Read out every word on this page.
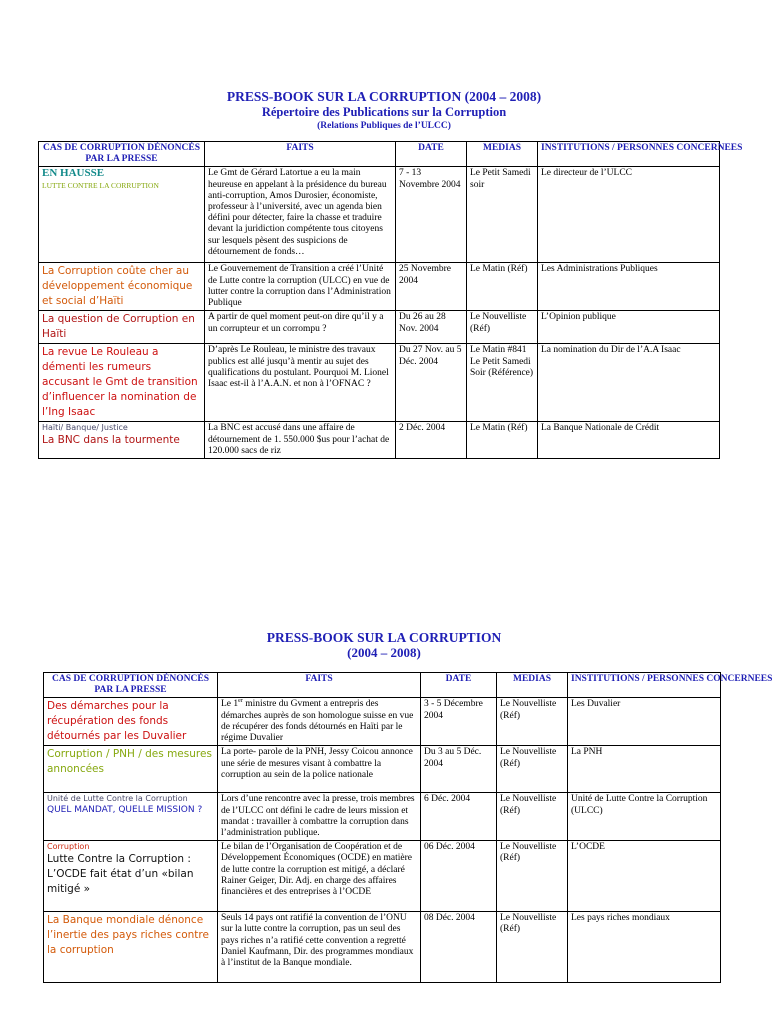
PRESS-BOOK SUR LA CORRUPTION (2004 – 2008)
Répertoire des Publications sur la Corruption
(Relations Publiques de l’ULCC)
CAS DE CORRUPTION DÉNONCÉS PAR LA PRESSE	FAITS	DATE	MEDIAS	INSTITUTIONS / PERSONNES CONCERNEES

EN HAUSSE
LUTTE CONTRE LA CORRUPTION	Le Gmt de Gérard Latortue a eu la main heureuse en appelant à la présidence du bureau anti-corruption, Amos Durosier, économiste, professeur à l’université, avec un agenda bien défini pour détecter, faire la chasse et traduire devant la juridiction compétente tous citoyens sur lesquels pèsent des suspicions de détournement de fonds…	7 - 13 Novembre 2004	Le Petit Samedi soir	Le directeur de l’ULCC
La Corruption coûte cher au développement économique et social d’Haïti	Le Gouvernement de Transition a créé l’Unité de Lutte contre la corruption (ULCC) en vue de lutter contre la corruption dans l’Administration Publique	25 Novembre 2004	Le Matin (Réf)	Les Administrations Publiques
La question de Corruption en Haïti	A partir de quel moment peut-on dire qu’il y a un corrupteur et un corrompu ?	Du 26 au 28 Nov. 2004	Le Nouvelliste (Réf)	L’Opinion publique
La revue Le Rouleau a démenti les rumeurs accusant le Gmt de transition d’influencer la nomination de l’Ing Isaac	D’après Le Rouleau, le ministre des travaux publics est allé jusqu’à mentir au sujet des qualifications du postulant. Pourquoi M. Lionel Isaac est-il à l’A.A.N. et non à l’OFNAC ?	Du 27 Nov. au 5 Déc. 2004	Le Matin #841 Le Petit Samedi Soir (Référence)	La nomination du Dir de l’A.A Isaac

Haïti/ Banque/ Justice
La BNC dans la tourmente	La BNC est accusé dans une affaire de détournement de 1. 550.000 $us pour l’achat de 120.000 sacs de riz	2 Déc. 2004	Le Matin (Réf)	La Banque Nationale de Crédit
PRESS-BOOK SUR LA CORRUPTION
(2004 – 2008)
CAS DE CORRUPTION DÉNONCÉS PAR LA PRESSE	FAITS	DATE	MEDIAS	INSTITUTIONS / PERSONNES CONCERNEES
Des démarches pour la récupération des fonds détournés par les Duvalier	Le 1er ministre du Gvment a entrepris des démarches auprès de son homologue suisse en vue de récupérer des fonds détournés en Haïti par le régime Duvalier	3 - 5 Décembre 2004	Le Nouvelliste (Réf)	Les Duvalier
Corruption / PNH / des mesures annoncées	La porte- parole de la PNH, Jessy Coicou annonce une série de mesures visant à combattre la corruption au sein de la police nationale	Du 3 au 5 Déc. 2004	Le Nouvelliste (Réf)	La PNH

Unité de Lutte Contre la Corruption
QUEL MANDAT, QUELLE MISSION ?	Lors d’une rencontre avec la presse, trois membres de l’ULCC ont défini le cadre de leurs mission et mandat : travailler à combattre la corruption dans l’administration publique.	6 Déc. 2004	Le Nouvelliste (Réf)	Unité de Lutte Contre la Corruption (ULCC)

Corruption
Lutte Contre la Corruption : L’OCDE fait état d’un «bilan mitigé »	Le bilan de l’Organisation de Coopération et de Développement Économiques (OCDE) en matière de lutte contre la corruption est mitigé, a déclaré Rainer Geiger, Dir. Adj. en charge des affaires financières et des entreprises à l’OCDE	06 Déc. 2004	Le Nouvelliste (Réf)	L’OCDE
La Banque mondiale dénonce l’inertie des pays riches contre la corruption	Seuls 14 pays ont ratifié la convention de l’ONU sur la lutte contre la corruption, pas un seul des pays riches n’a ratifié cette convention a regretté Daniel Kaufmann, Dir. des programmes mondiaux à l’institut de la Banque mondiale.	08 Déc. 2004	Le Nouvelliste (Réf)	Les pays riches mondiaux
